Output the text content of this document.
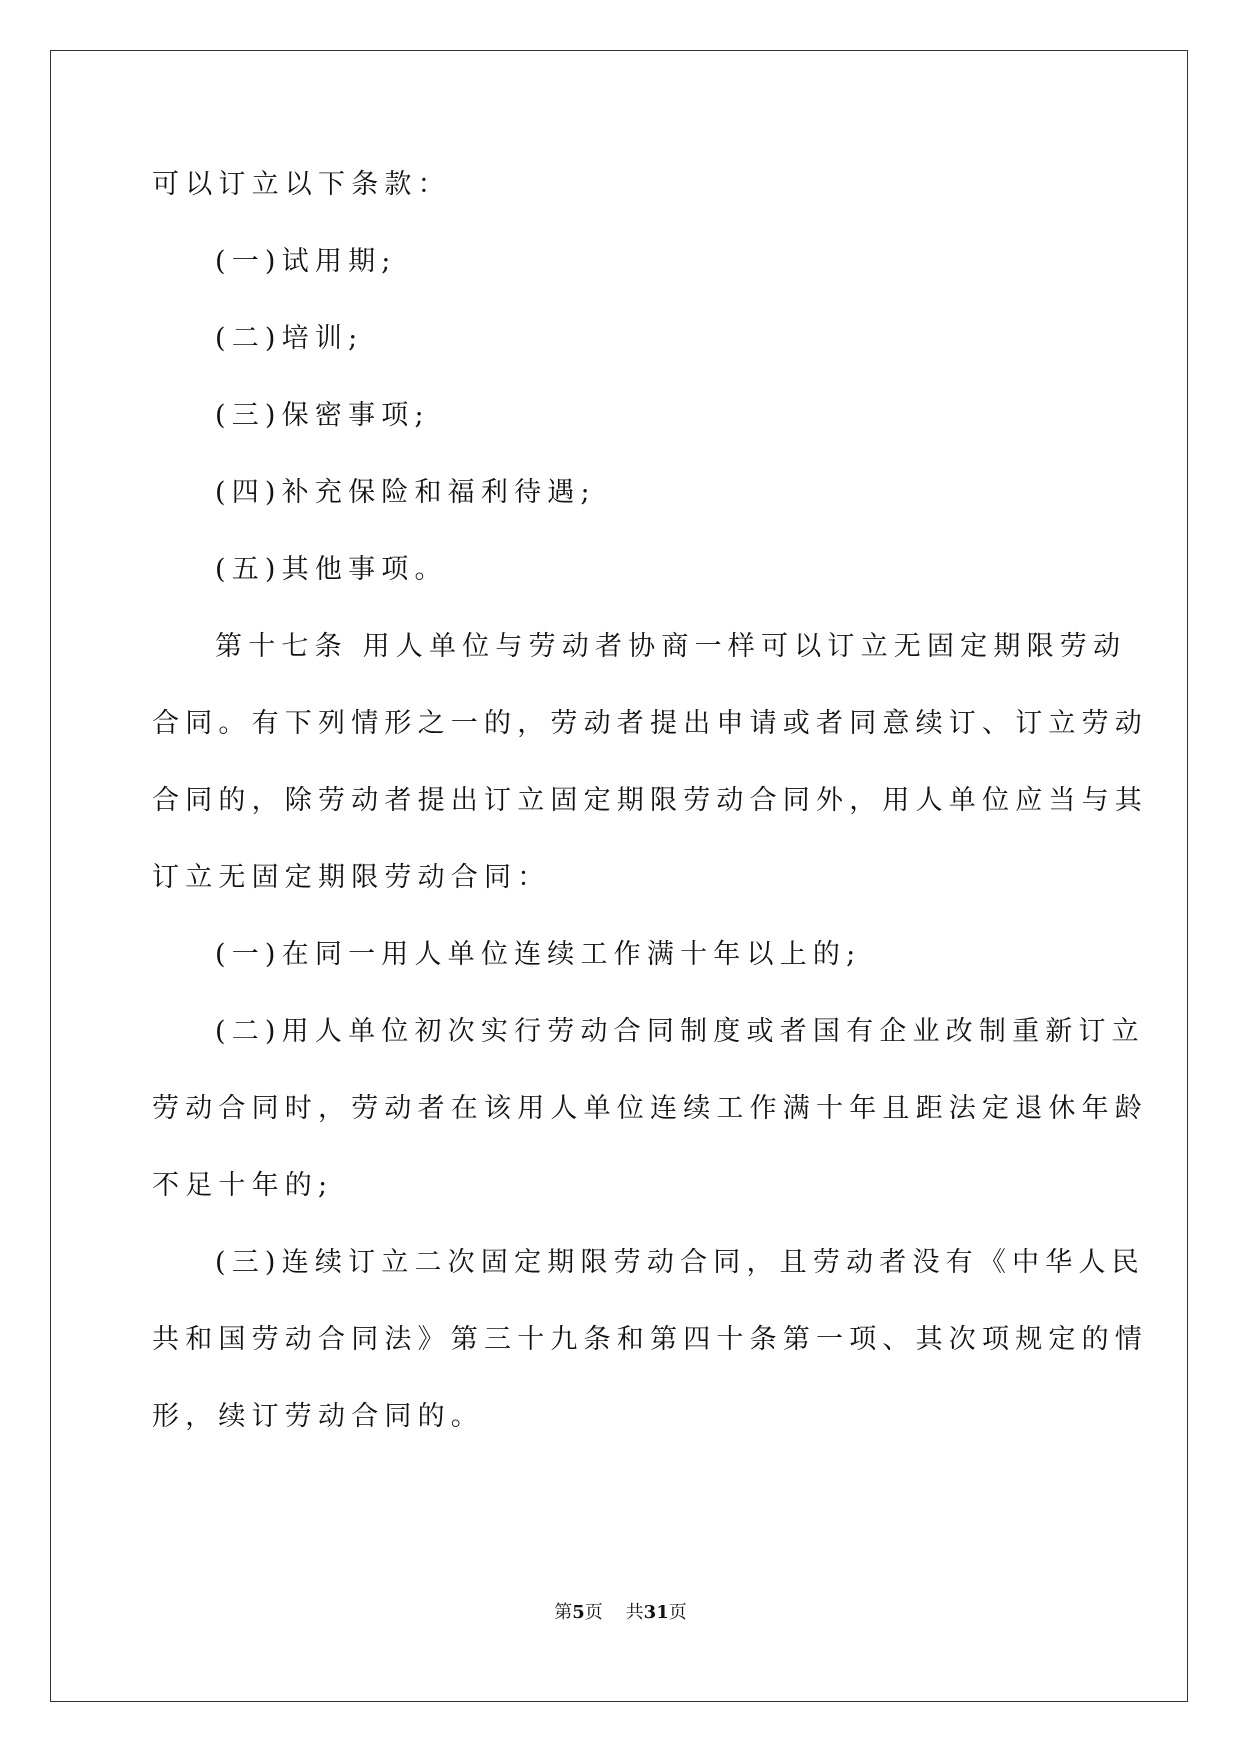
可以订立以下条款：
(一)试用期;
(二)培训;
(三)保密事项;
(四)补充保险和福利待遇;
(五)其他事项。
第十七条 用人单位与劳动者协商一样可以订立无固定期限劳动
合同。有下列情形之一的，劳动者提出申请或者同意续订、订立劳动
合同的，除劳动者提出订立固定期限劳动合同外，用人单位应当与其
订立无固定期限劳动合同：
(一)在同一用人单位连续工作满十年以上的;
(二)用人单位初次实行劳动合同制度或者国有企业改制重新订立
劳动合同时，劳动者在该用人单位连续工作满十年且距法定退休年龄
不足十年的;
(三)连续订立二次固定期限劳动合同，且劳动者没有《中华人民
共和国劳动合同法》第三十九条和第四十条第一项、其次项规定的情
形，续订劳动合同的。
第5页 共31页
